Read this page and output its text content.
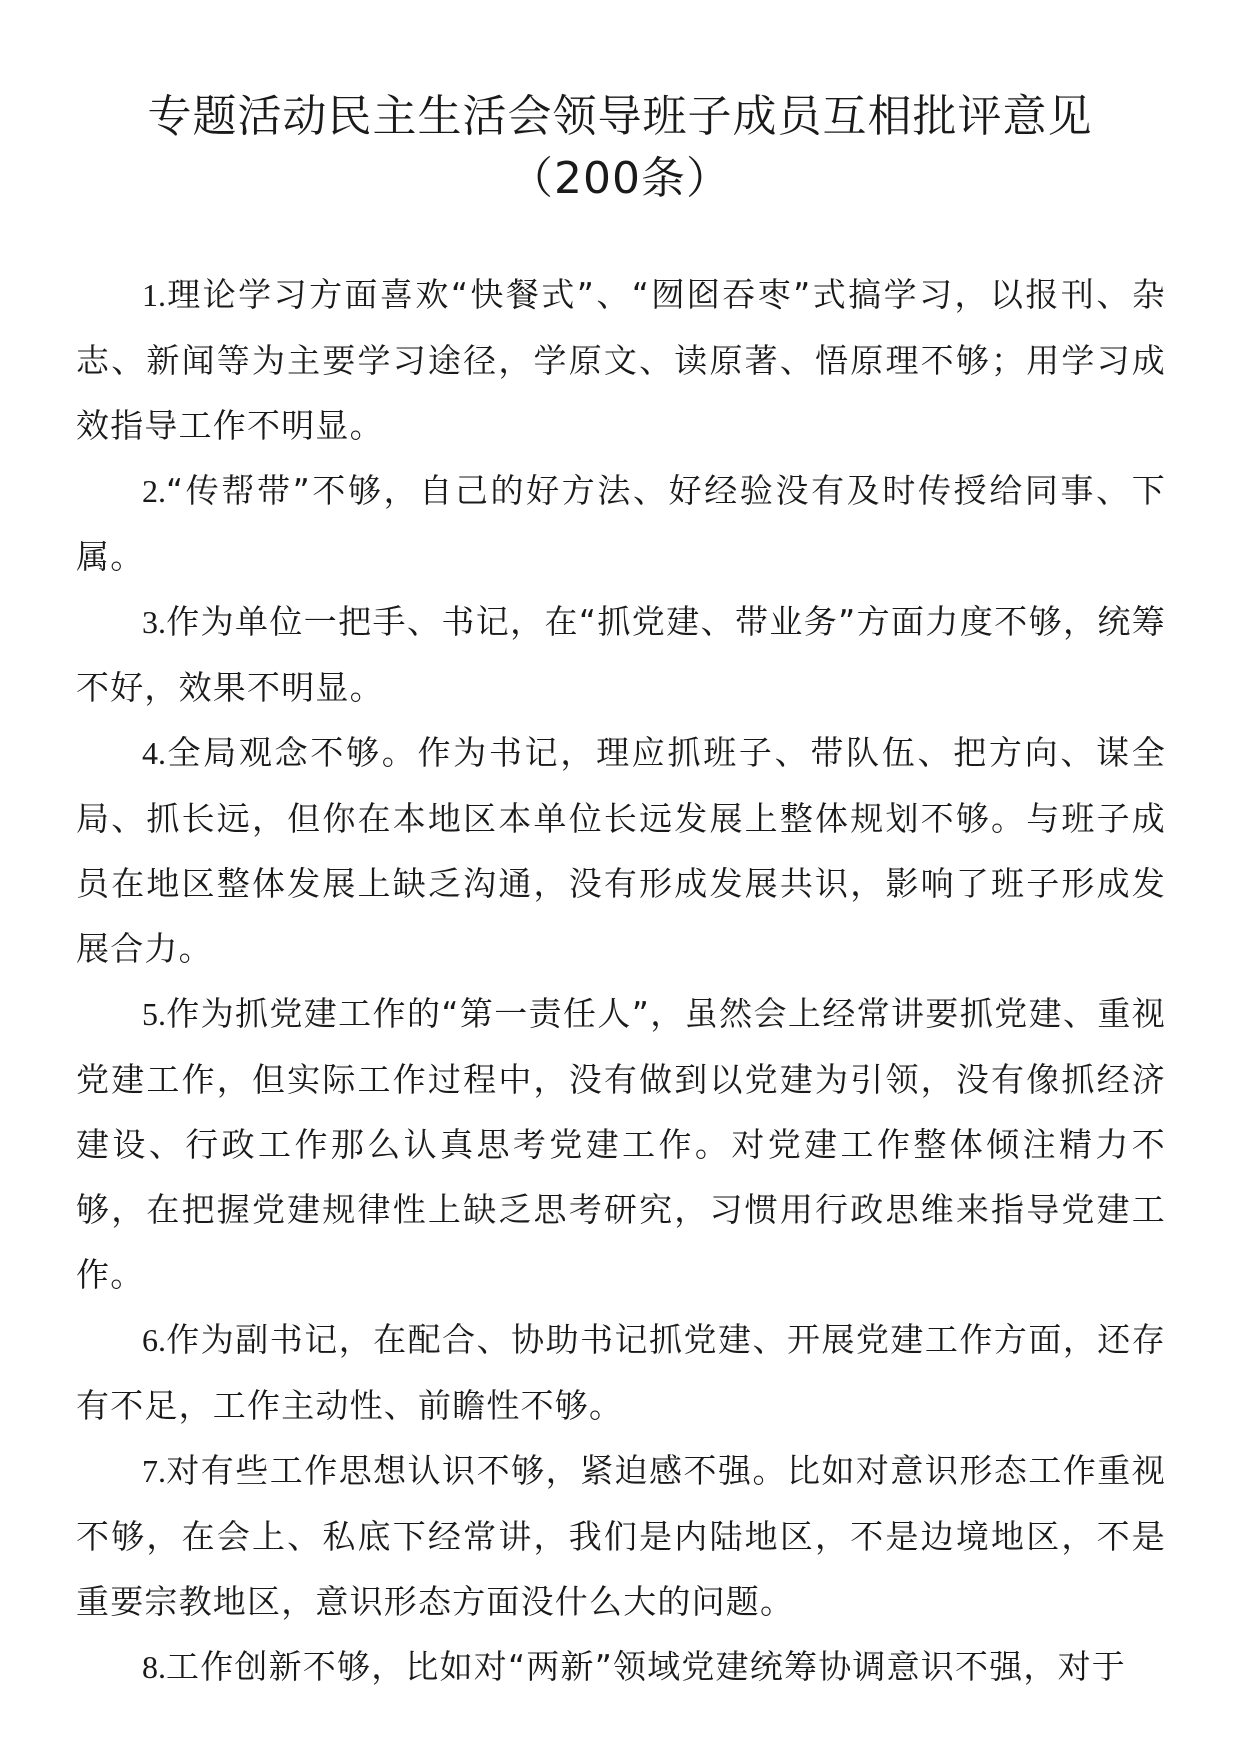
专题活动民主生活会领导班子成员互相批评意见
（200条）

1.理论学习方面喜欢“快餐式”、“囫囵吞枣”式搞学习，以报刊、杂志、新闻等为主要学习途径，学原文、读原著、悟原理不够；用学习成效指导工作不明显。

2.“传帮带”不够，自己的好方法、好经验没有及时传授给同事、下属。

3.作为单位一把手、书记，在“抓党建、带业务”方面力度不够，统筹不好，效果不明显。

4.全局观念不够。作为书记，理应抓班子、带队伍、把方向、谋全局、抓长远，但你在本地区本单位长远发展上整体规划不够。与班子成员在地区整体发展上缺乏沟通，没有形成发展共识，影响了班子形成发展合力。

5.作为抓党建工作的“第一责任人”，虽然会上经常讲要抓党建、重视党建工作，但实际工作过程中，没有做到以党建为引领，没有像抓经济建设、行政工作那么认真思考党建工作。对党建工作整体倾注精力不够，在把握党建规律性上缺乏思考研究，习惯用行政思维来指导党建工作。

6.作为副书记，在配合、协助书记抓党建、开展党建工作方面，还存有不足，工作主动性、前瞻性不够。

7.对有些工作思想认识不够，紧迫感不强。比如对意识形态工作重视不够，在会上、私底下经常讲，我们是内陆地区，不是边境地区，不是重要宗教地区，意识形态方面没什么大的问题。

8.工作创新不够，比如对“两新”领域党建统筹协调意识不强，对于
